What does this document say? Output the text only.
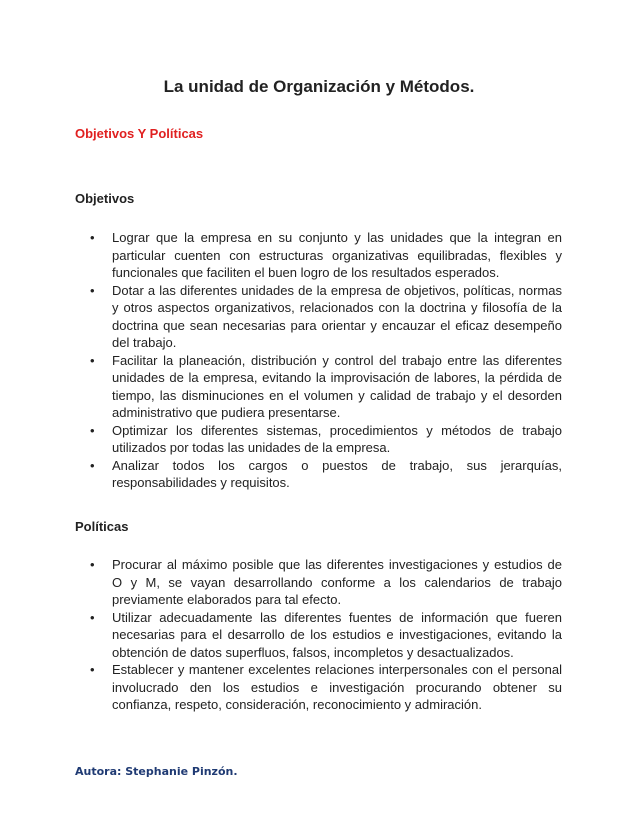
La unidad de Organización y Métodos.
Objetivos Y Políticas
Objetivos
• Lograr que la empresa en su conjunto y las unidades que la integran en particular cuenten con estructuras organizativas equilibradas, flexibles y funcionales que faciliten el buen logro de los resultados esperados.
• Dotar a las diferentes unidades de la empresa de objetivos, políticas, normas y otros aspectos organizativos, relacionados con la doctrina y filosofía de la doctrina que sean necesarias para orientar y encauzar el eficaz desempeño del trabajo.
• Facilitar la planeación, distribución y control del trabajo entre las diferentes unidades de la empresa, evitando la improvisación de labores, la pérdida de tiempo, las disminuciones en el volumen y calidad de trabajo y el desorden administrativo que pudiera presentarse.
• Optimizar los diferentes sistemas, procedimientos y métodos de trabajo utilizados por todas las unidades de la empresa.
• Analizar todos los cargos o puestos de trabajo, sus jerarquías, responsabilidades y requisitos.
Políticas
• Procurar al máximo posible que las diferentes investigaciones y estudios de O y M, se vayan desarrollando conforme a los calendarios de trabajo previamente elaborados para tal efecto.
• Utilizar adecuadamente las diferentes fuentes de información que fueren necesarias para el desarrollo de los estudios e investigaciones, evitando la obtención de datos superfluos, falsos, incompletos y desactualizados.
• Establecer y mantener excelentes relaciones interpersonales con el personal involucrado den los estudios e investigación procurando obtener su confianza, respeto, consideración, reconocimiento y admiración.

Autora: Stephanie Pinzón.
